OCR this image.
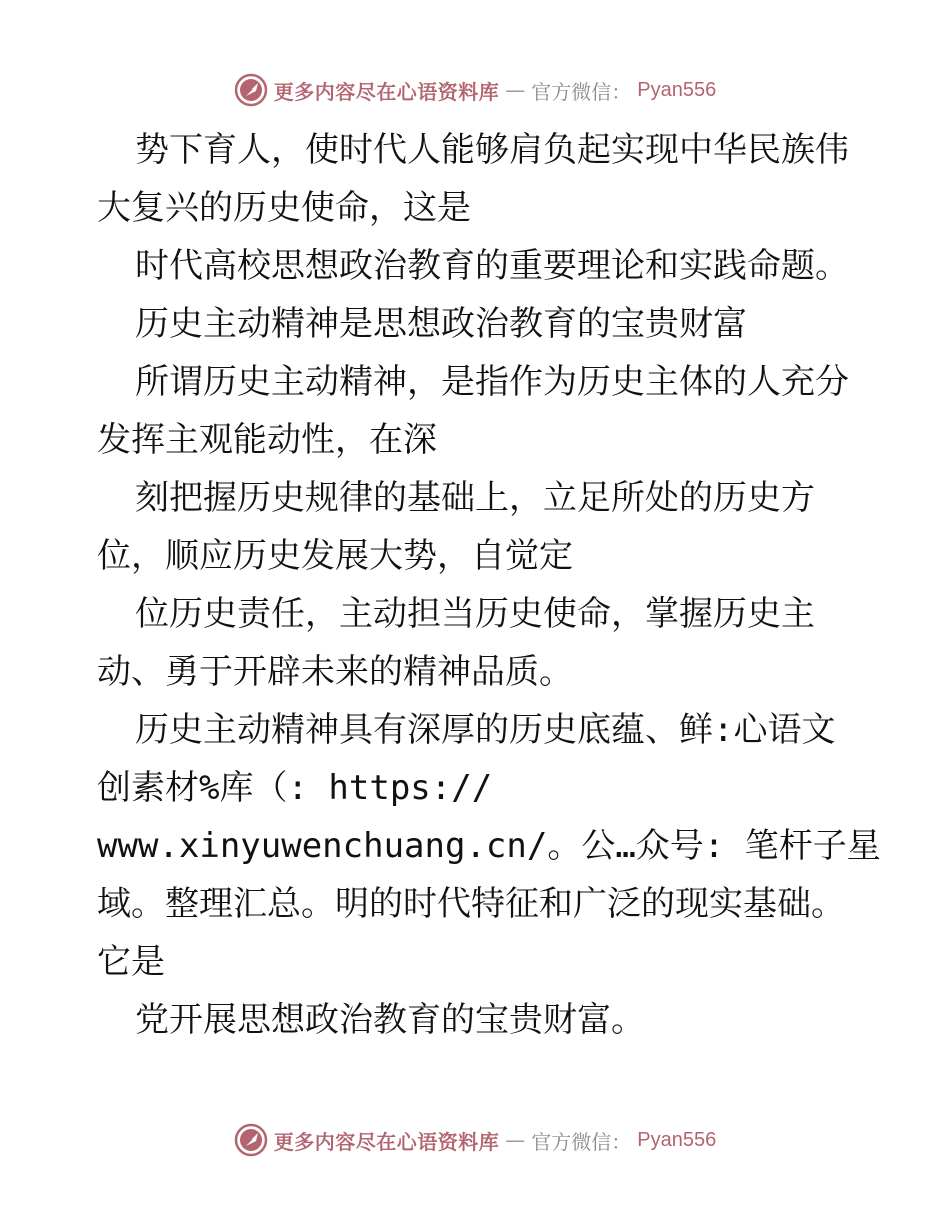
更多内容尽在心语资料库 — 官方微信： Pyan556
势下育人，使时代人能够肩负起实现中华民族伟
大复兴的历史使命，这是
时代高校思想政治教育的重要理论和实践命题。
历史主动精神是思想政治教育的宝贵财富
所谓历史主动精神，是指作为历史主体的人充分
发挥主观能动性，在深
刻把握历史规律的基础上，立足所处的历史方
位，顺应历史发展大势，自觉定
位历史责任，主动担当历史使命，掌握历史主
动、勇于开辟未来的精神品质。
历史主动精神具有深厚的历史底蕴、鲜:心语文
创素材%库（: https://
www.xinyuwenchuang.cn/。公…众号: 笔杆子星
域。整理汇总。明的时代特征和广泛的现实基础。
它是
党开展思想政治教育的宝贵财富。
更多内容尽在心语资料库 — 官方微信： Pyan556
